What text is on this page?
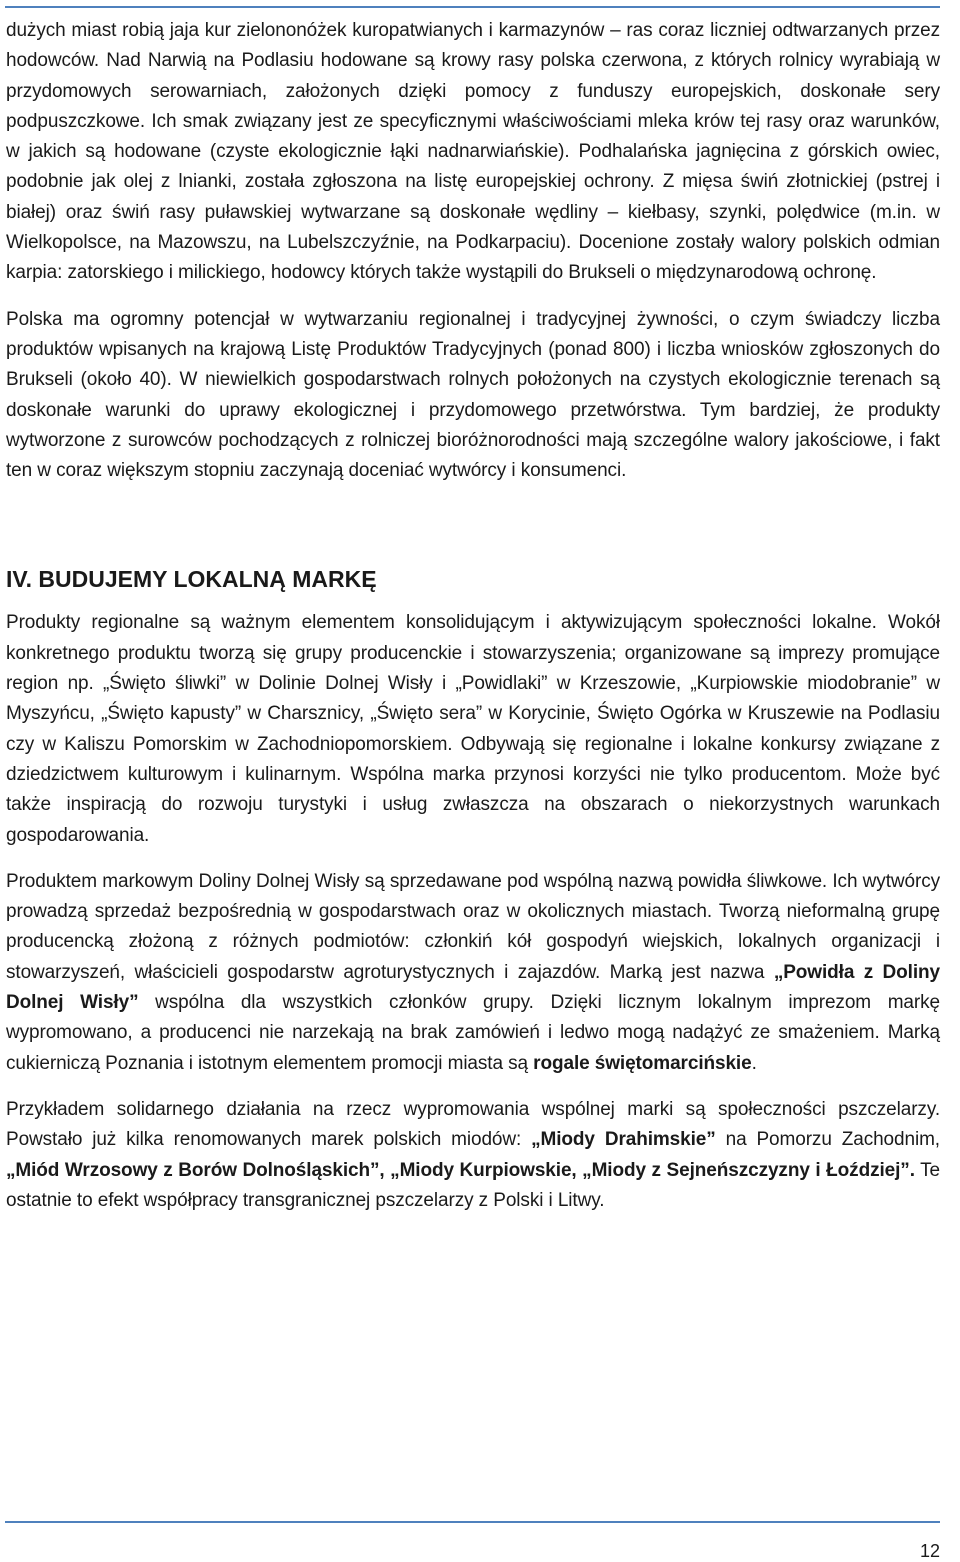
dużych miast robią jaja kur zielononóżek kuropatwianych i karmazynów – ras coraz liczniej odtwarzanych przez hodowców. Nad Narwią na Podlasiu hodowane są krowy rasy polska czerwona, z których rolnicy wyrabiają w przydomowych serowarniach, założonych dzięki pomocy z funduszy europejskich, doskonałe sery podpuszczkowe. Ich smak związany jest ze specyficznymi właściwościami mleka krów tej rasy oraz warunków, w jakich są hodowane (czyste ekologicznie łąki nadnarwiańskie). Podhalańska jagnięcina z górskich owiec, podobnie jak olej z lnianki, została zgłoszona na listę europejskiej ochrony. Z mięsa świń złotnickiej (pstrej i białej) oraz świń rasy puławskiej wytwarzane są doskonałe wędliny – kiełbasy, szynki, polędwice (m.in. w Wielkopolsce, na Mazowszu, na Lubelszczyźnie, na Podkarpaciu). Docenione zostały walory polskich odmian karpia: zatorskiego i milickiego, hodowcy których także wystąpili do Brukseli o międzynarodową ochronę.

Polska ma ogromny potencjał w wytwarzaniu regionalnej i tradycyjnej żywności, o czym świadczy liczba produktów wpisanych na krajową Listę Produktów Tradycyjnych (ponad 800) i liczba wniosków zgłoszonych do Brukseli (około 40). W niewielkich gospodarstwach rolnych położonych na czystych ekologicznie terenach są doskonałe warunki do uprawy ekologicznej i przydomowego przetwórstwa. Tym bardziej, że produkty wytworzone z surowców pochodzących z rolniczej bioróżnorodności mają szczególne walory jakościowe, i fakt ten w coraz większym stopniu zaczynają doceniać wytwórcy i konsumenci.

IV. BUDUJEMY LOKALNĄ MARKĘ

Produkty regionalne są ważnym elementem konsolidującym i aktywizującym społeczności lokalne. Wokół konkretnego produktu tworzą się grupy producenckie i stowarzyszenia; organizowane są imprezy promujące region np. „Święto śliwki” w Dolinie Dolnej Wisły i „Powidlaki” w Krzeszowie, „Kurpiowskie miodobranie” w Myszyńcu, „Święto kapusty” w Charsznicy, „Święto sera” w Korycinie, Święto Ogórka w Kruszewie na Podlasiu czy w Kaliszu Pomorskim w Zachodniopomorskiem. Odbywają się regionalne i lokalne konkursy związane z dziedzictwem kulturowym i kulinarnym. Wspólna marka przynosi korzyści nie tylko producentom. Może być także inspiracją do rozwoju turystyki i usług zwłaszcza na obszarach o niekorzystnych warunkach gospodarowania.

Produktem markowym Doliny Dolnej Wisły są sprzedawane pod wspólną nazwą powidła śliwkowe. Ich wytwórcy prowadzą sprzedaż bezpośrednią w gospodarstwach oraz w okolicznych miastach. Tworzą nieformalną grupę producencką złożoną z różnych podmiotów: członkiń kół gospodyń wiejskich, lokalnych organizacji i stowarzyszeń, właścicieli gospodarstw agroturystycznych i zajazdów. Marką jest nazwa „Powidła z Doliny Dolnej Wisły” wspólna dla wszystkich członków grupy. Dzięki licznym lokalnym imprezom markę wypromowano, a producenci nie narzekają na brak zamówień i ledwo mogą nadążyć ze smażeniem. Marką cukierniczą Poznania i istotnym elementem promocji miasta są rogale świętomarcińskie.

Przykładem solidarnego działania na rzecz wypromowania wspólnej marki są społeczności pszczelarzy. Powstało już kilka renomowanych marek polskich miodów: „Miody Drahimskie” na Pomorzu Zachodnim, „Miód Wrzosowy z Borów Dolnośląskich”, „Miody Kurpiowskie, „Miody z Sejneńszczyzny i Łoździej”. Te ostatnie to efekt współpracy transgranicznej pszczelarzy z Polski i Litwy.

12
